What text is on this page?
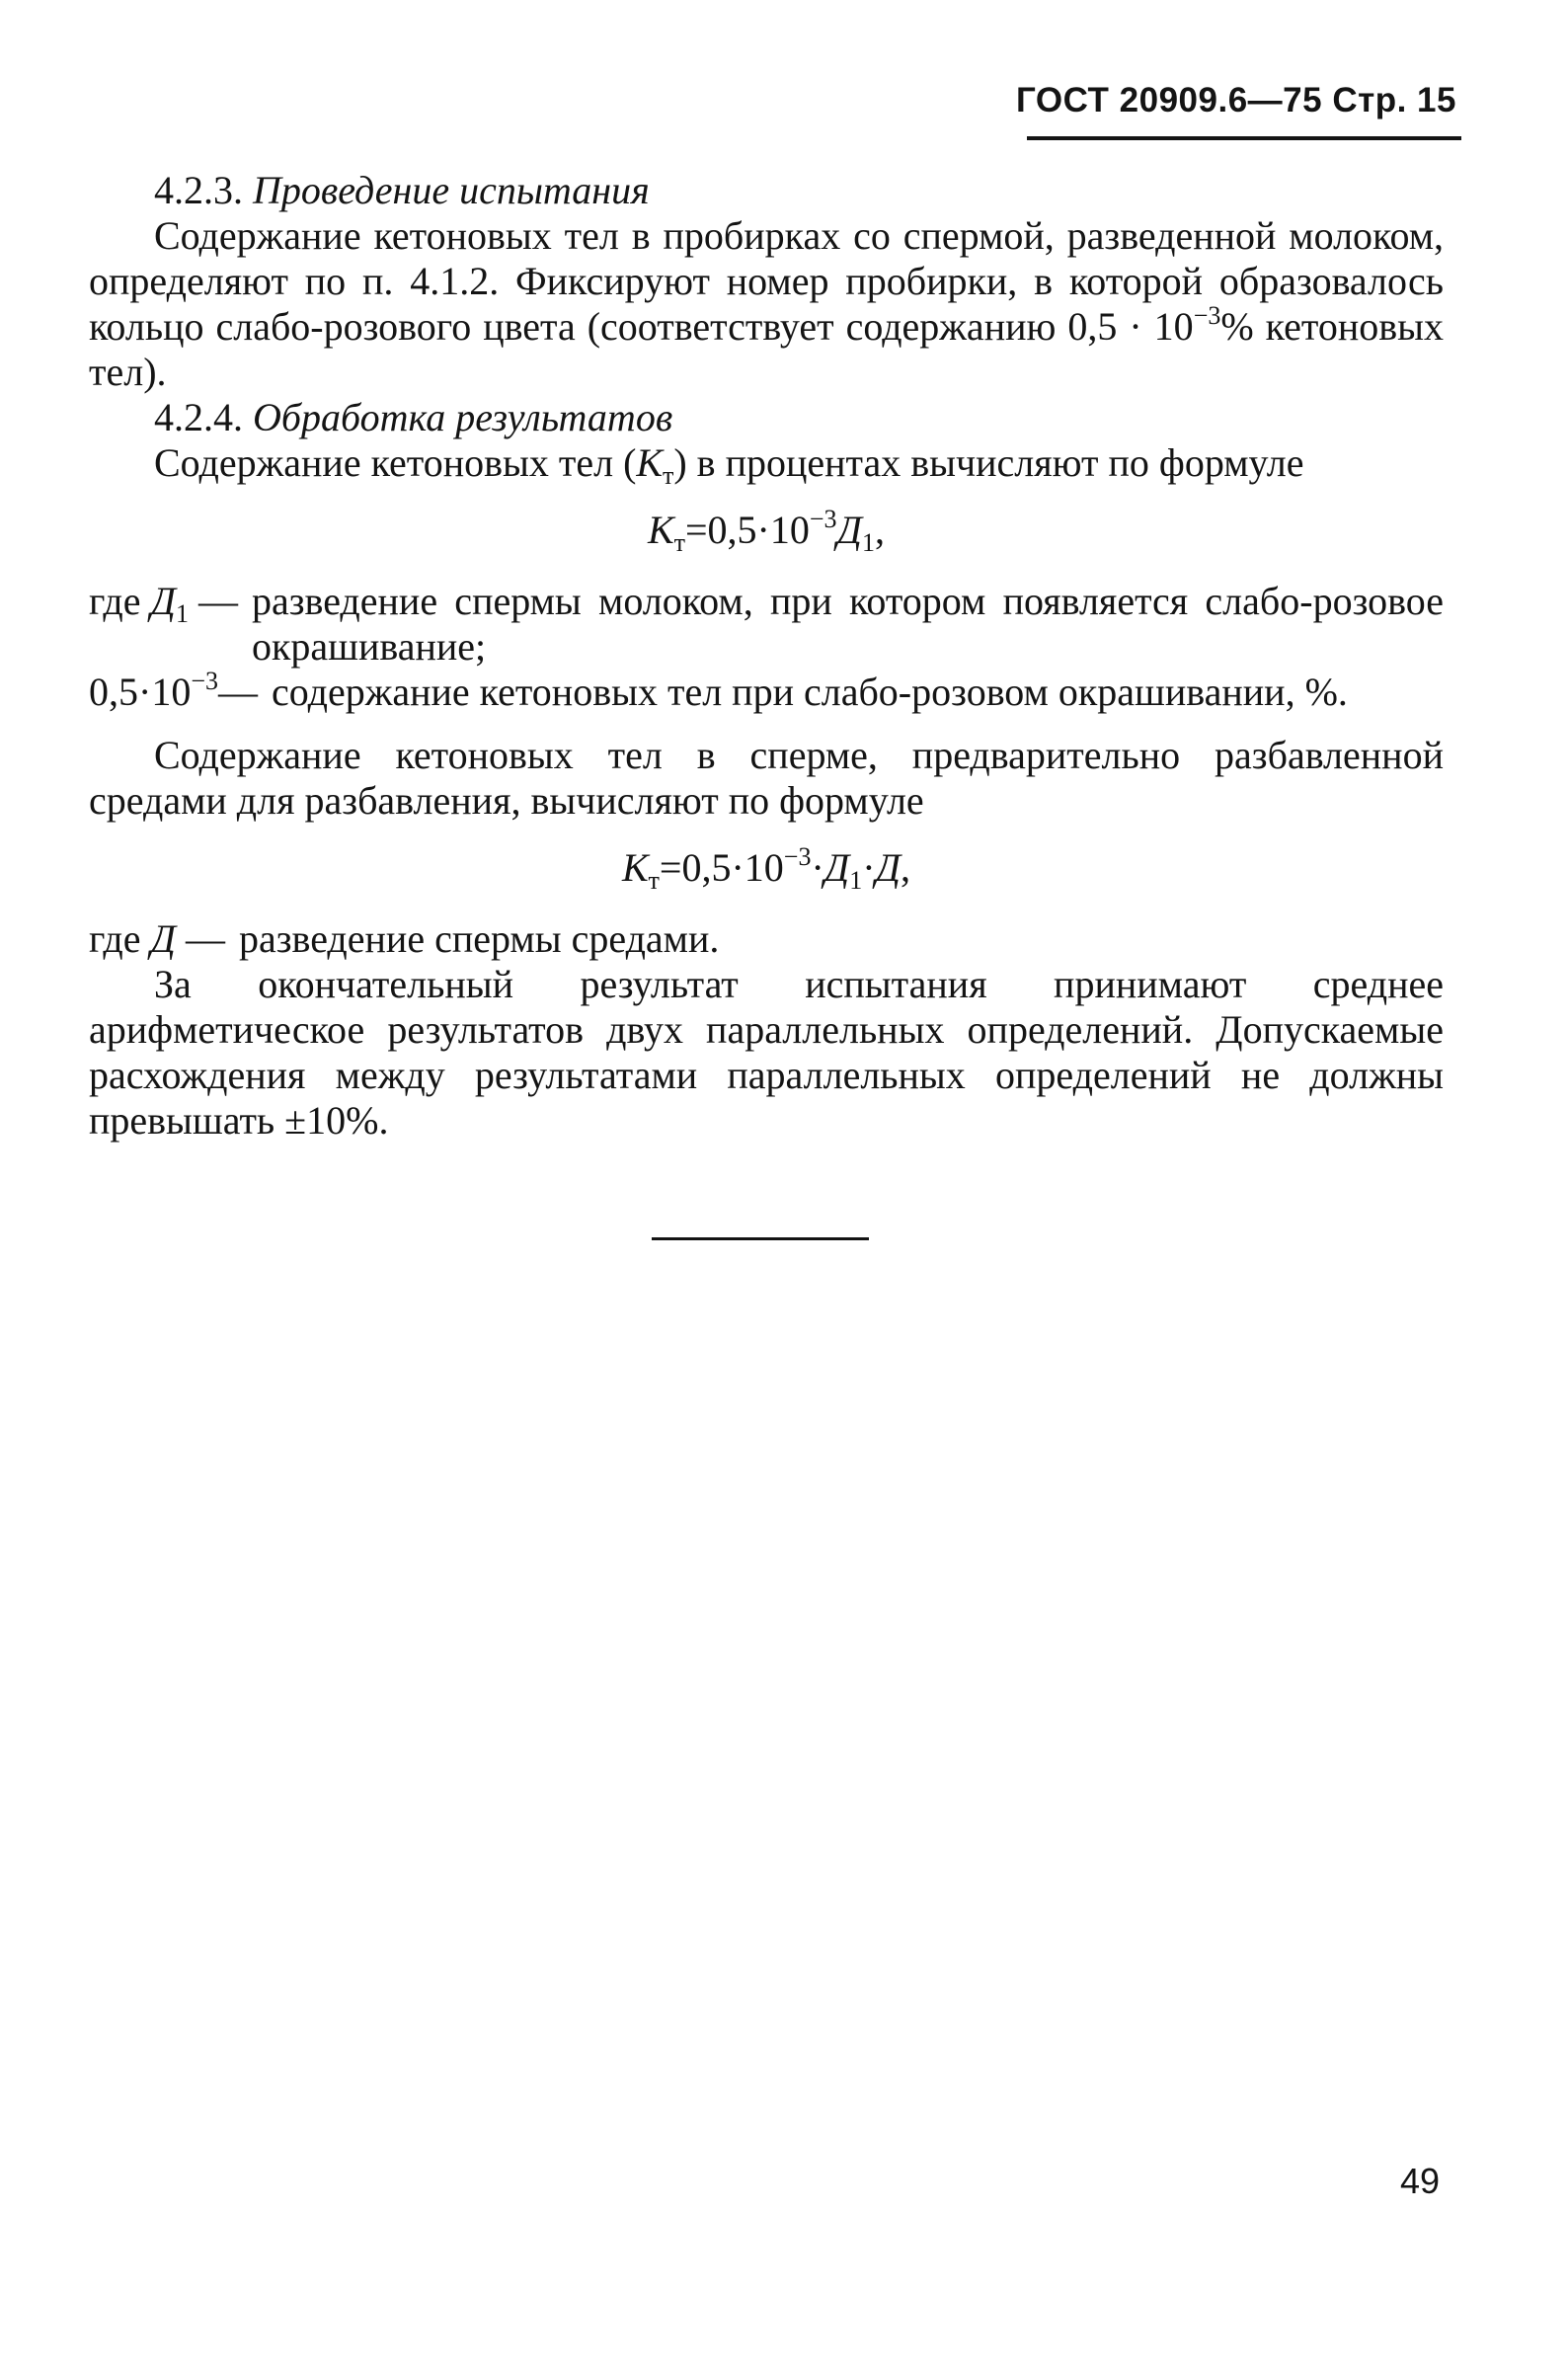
ГОСТ 20909.6—75 Стр. 15

4.2.3. Проведение испытания

Содержание кетоновых тел в пробирках со спермой, разведенной молоком, определяют по п. 4.1.2. Фиксируют номер пробирки, в которой образовалось кольцо слабо-розового цвета (соответствует содержанию $0,5 \cdot 10^{-3}\%$ кетоновых тел).

4.2.4. Обработка результатов

Содержание кетоновых тел $(К_т)$ в процентах вычисляют по формуле

$К_т=0,5\cdot 10^{-3}Д_1$,
где $Д_1$ — разведение спермы молоком, при котором появляется слабо-розовое окрашивание;
$0,5\cdot 10^{-3}—$ содержание кетоновых тел при слабо-розовом окрашивании, %.

Содержание кетоновых тел в сперме, предварительно разбавленной средами для разбавления, вычисляют по формуле

$К_т=0,5\cdot 10^{-3}\cdot Д_1\cdot Д$,
где Д — разведение спермы средами.

За окончательный результат испытания принимают среднее арифметическое результатов двух параллельных определений. Допускаемые расхождения между результатами параллельных определений не должны превышать ±10%.

49
